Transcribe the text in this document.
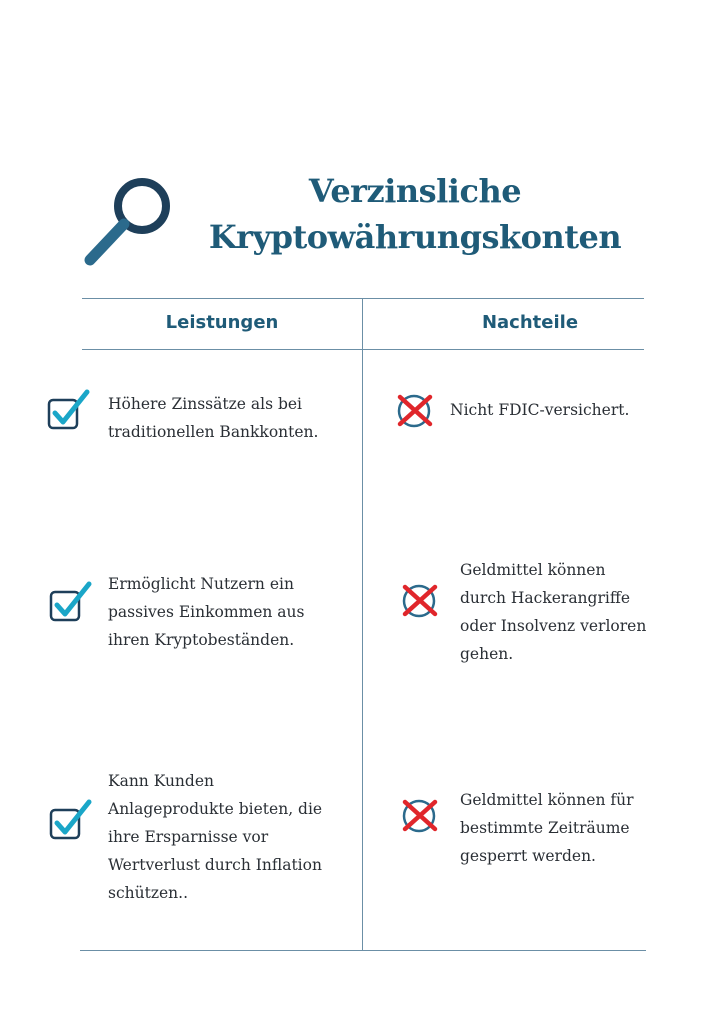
Verzinsliche
Kryptowährungskonten
Leistungen	Nachteile
Höhere Zinssätze als bei traditionellen Bankkonten.
Ermöglicht Nutzern ein passives Einkommen aus ihren Kryptobeständen.
Kann Kunden Anlageprodukte bieten, die ihre Ersparnisse vor Wertverlust durch Inflation schützen..
Nicht FDIC-versichert.
Geldmittel können durch Hackerangriffe oder Insolvenz verloren gehen.
Geldmittel können für bestimmte Zeiträume gesperrt werden.
